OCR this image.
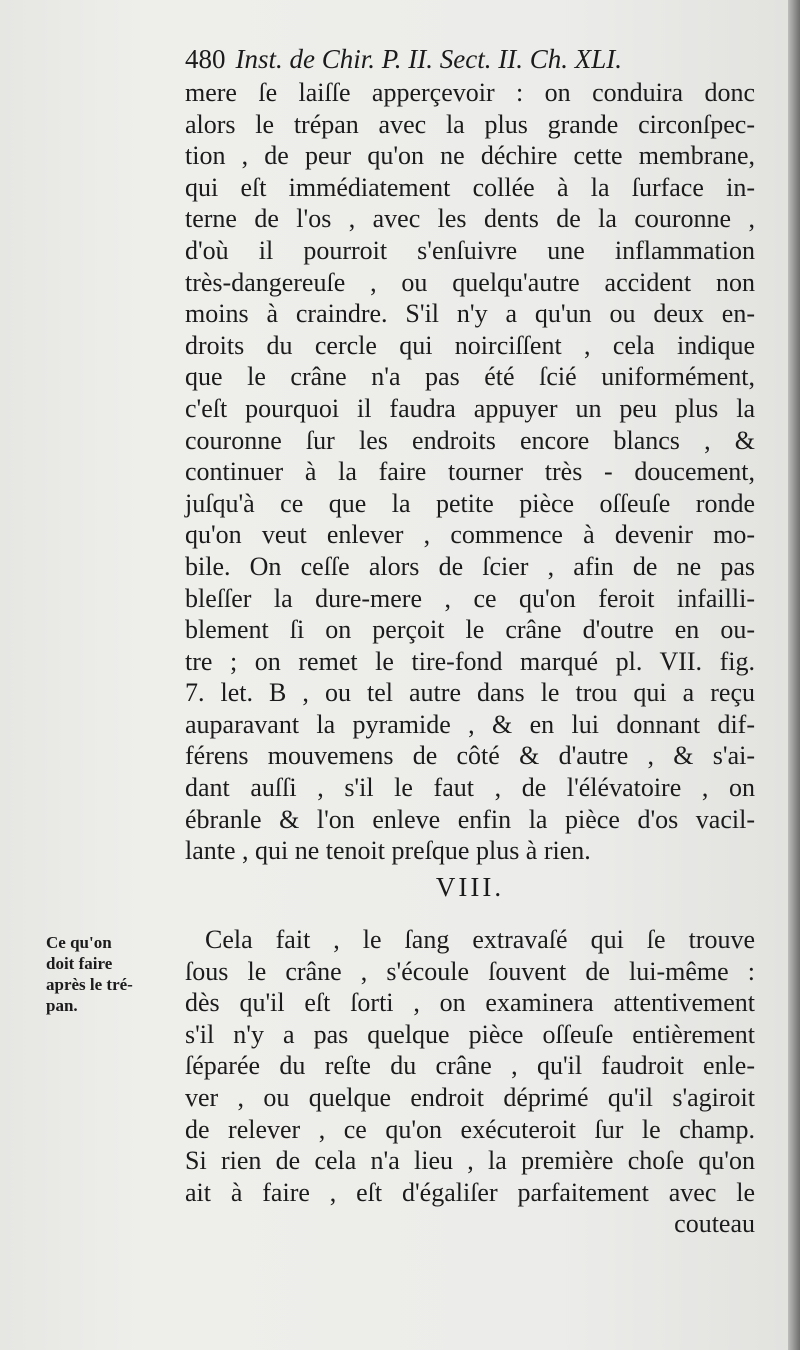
480 Inst. de Chir. P. II. Sect. II. Ch. XLI.
mere ſe laiſſe apperçevoir : on conduira donc
alors le trépan avec la plus grande circonſpec-
tion , de peur qu'on ne déchire cette membrane,
qui eſt immédiatement collée à la ſurface in-
terne de l'os , avec les dents de la couronne ,
d'où il pourroit s'enſuivre une inflammation
très-dangereuſe , ou quelqu'autre accident non
moins à craindre. S'il n'y a qu'un ou deux en-
droits du cercle qui noirciſſent , cela indique
que le crâne n'a pas été ſcié uniformément,
c'eſt pourquoi il faudra appuyer un peu plus la
couronne ſur les endroits encore blancs , &
continuer à la faire tourner très - doucement,
juſqu'à ce que la petite pièce oſſeuſe ronde
qu'on veut enlever , commence à devenir mo-
bile. On ceſſe alors de ſcier , afin de ne pas
bleſſer la dure-mere , ce qu'on feroit infailli-
blement ſi on perçoit le crâne d'outre en ou-
tre ; on remet le tire-fond marqué pl. VII. fig.
7. let. B , ou tel autre dans le trou qui a reçu
auparavant la pyramide , & en lui donnant dif-
férens mouvemens de côté & d'autre , & s'ai-
dant auſſi , s'il le faut , de l'élévatoire , on
ébranle & l'on enleve enfin la pièce d'os vacil-
lante , qui ne tenoit preſque plus à rien.
VIII.
Ce qu'on
doit faire
après le tré-
pan.
Cela fait , le ſang extravaſé qui ſe trouve
ſous le crâne , s'écoule ſouvent de lui-même :
dès qu'il eſt ſorti , on examinera attentivement
s'il n'y a pas quelque pièce oſſeuſe entièrement
ſéparée du reſte du crâne , qu'il faudroit enle-
ver , ou quelque endroit déprimé qu'il s'agiroit
de relever , ce qu'on exécuteroit ſur le champ.
Si rien de cela n'a lieu , la première choſe qu'on
ait à faire , eſt d'égaliſer parfaitement avec le
couteau
